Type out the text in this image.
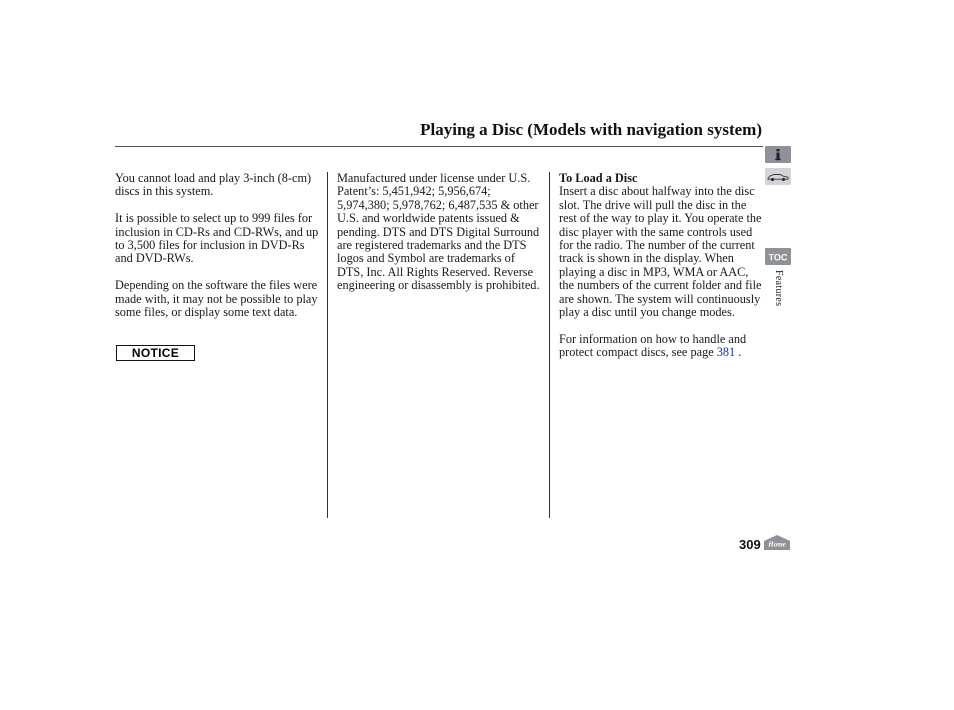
Playing a Disc (Models with navigation system)

You cannot load and play 3-inch (8-cm) discs in this system.

It is possible to select up to 999 files for inclusion in CD-Rs and CD-RWs, and up to 3,500 files for inclusion in DVD-Rs and DVD-RWs.

Depending on the software the files were made with, it may not be possible to play some files, or display some text data.

NOTICE

Manufactured under license under U.S. Patent’s: 5,451,942; 5,956,674; 5,974,380; 5,978,762; 6,487,535 & other U.S. and worldwide patents issued & pending. DTS and DTS Digital Surround are registered trademarks and the DTS logos and Symbol are trademarks of DTS, Inc. All Rights Reserved. Reverse engineering or disassembly is prohibited.

To Load a Disc
Insert a disc about halfway into the disc slot. The drive will pull the disc in the rest of the way to play it. You operate the disc player with the same controls used for the radio. The number of the current track is shown in the display. When playing a disc in MP3, WMA or AAC, the numbers of the current folder and file are shown. The system will continuously play a disc until you change modes.

For information on how to handle and protect compact discs, see page 381 .

TOC
Features
309 Home
